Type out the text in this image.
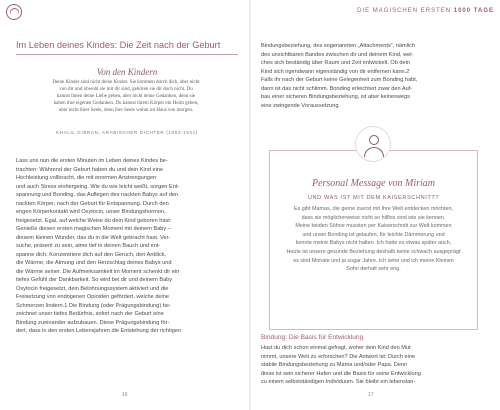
Im Leben deines Kindes: Die Zeit nach der Geburt
Von den Kindern
Deine Kinder sind nicht deine Kinder. Sie kommen durch dich, aber nicht
von dir und obwohl sie mit dir sind, gehören sie dir doch nicht. Du
kannst ihnen deine Liebe geben, aber nicht deine Gedanken, denn sie
haben ihre eigenen Gedanken. Du kannst ihrem Körper ein Heim geben,
aber nicht ihrer Seele, denn ihre Seele wohnt im Haus von morgen.
KHALIL GIBRAN, ARABISCHER DICHTER (1883-1931)
Lass uns nun die ersten Minuten im Leben deines Kindes be-
trachten: Während der Geburt haben du und dein Kind eine
Hochleistung vollbracht, die mit enormen Anstrengungen
und auch Stress einhergeing. Wie du wie leicht weißt, sorgen Ent-
spannung und Bonding, das Auflegen des nackten Babys auf den
nackten Körper, nach der Geburt für Entspannung. Durch den
engen Körperkontakt wird Oxytocin, unser Bindungshormon,
freigesetzt. Egal, auf welche Weise du dein Kind geboren hast:
Genieße diesen ersten magischen Moment mit deinem Baby –
diesem kleinen Wunder, das du in die Welt gebracht hast. Ver-
suche, präsent zu sein, atme tief in deinen Bauch und ent-
spanne dich. Konzentriere dich auf den Geruch, den Anblick,
die Wärme, die Atmung und den Herzschlag deines Babys und
die Wärme seiner. Die Aufmerksamkeit im Moment schenkt dir ein
tiefes Gefühl der Dankbarkeit. So wird bei dir und deinem Baby
Oxytocin freigesetzt, dein Belohnungssystem aktiviert und die
Freisetzung von endogenen Opioiden gefördert, welche deine
Schmerzen lindern.1 Die Bindung (oder Prägungsbindung) be-
zeichnet unser tiefes Bedürfnis, sofort nach der Geburt eine
Bindung zueinander aufzubauen. Diese Prägungsbindung för-
dert, dass in den ersten Lebensjahren die Entstehung der richtigen
16
DIE MAGISCHEN ERSTEN 1000 TAGE
Bindungsbeziehung, des sogenannten „Attachments", nämlich
des unsichtbaren Bandes zwischen dir und deinem Kind, wel-
ches sich beständig über Raum und Zeit entwickelt. Ob dein
Kind sich irgendwann eigenständig von dir entfernen kann.2
Falls ihr nach der Geburt keine Gelegenheit zum Bonding habt,
dann ist das nicht schlimm. Bonding erleichtert zwar den Auf-
bau einer sicheren Bindungsbeziehung, ist aber keineswegs
eine zwingende Voraussetzung.
Personal Message von Miriam
UND WAS IST MIT DEM KAISERSCHNITT?
Es gibt Mamas, die gerne zuerst mit Ihre Welt entdecken möchten,
dass sie möglicherweise nicht so hilflos sind wie sie kennen.
Meine beiden Söhne mussten per Kaiserschnitt zur Welt kommen
und unser Bonding ist gelaufen, für leichte Dämmerung und
konnte meine Babys nicht halten. Ich hatte es etwas später auch.
Heute ist unsere gesunde Beziehung deshalb keine schwach ausgeprägt
es sind Monate und ja sogar Jahre. Ich sehe und ich meine Kleinen
Sohn derhalt sehr eng.
Bindung: Die Basis für Entwicklung
Hast du dich schon einmal gefragt, woher dein Kind den Mut
nimmt, unsere Welt zu erforschen? Die Antwort ist: Durch eine
stabile Bindungsbeziehung zu Mama und/oder Papa. Denn
diese ist sein sicherer Hafen und die Basis für seine Entwicklung
zu einem selbstständigen Individuum. Sie bleibt ein lebenslan-
17
